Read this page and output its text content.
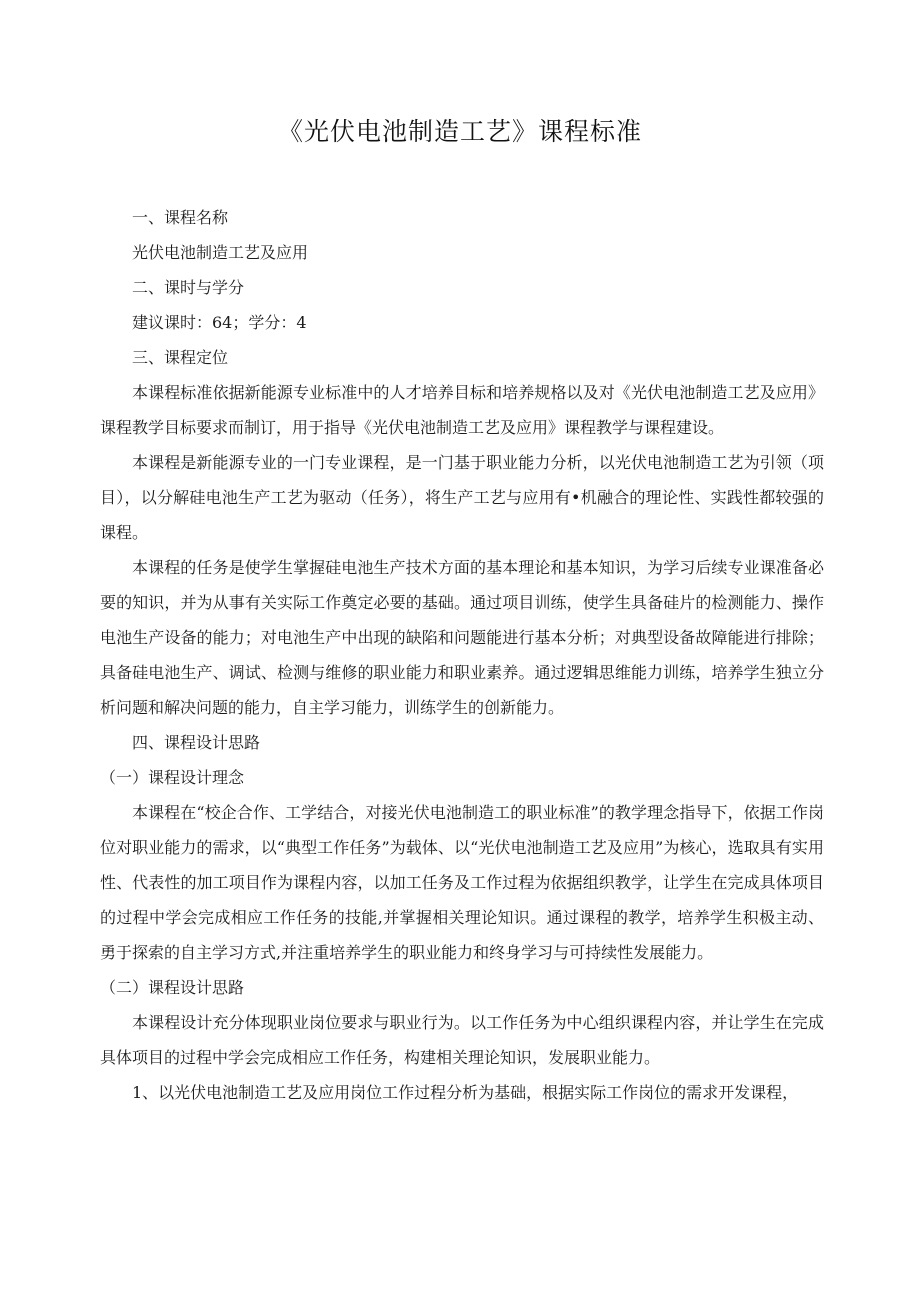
《光伏电池制造工艺》课程标准

一、课程名称

光伏电池制造工艺及应用

二、课时与学分

建议课时：64；学分：4

三、课程定位

本课程标准依据新能源专业标准中的人才培养目标和培养规格以及对《光伏电池制造工艺及应用》课程教学目标要求而制订，用于指导《光伏电池制造工艺及应用》课程教学与课程建设。

本课程是新能源专业的一门专业课程，是一门基于职业能力分析，以光伏电池制造工艺为引领（项目），以分解硅电池生产工艺为驱动（任务），将生产工艺与应用有•机融合的理论性、实践性都较强的课程。

本课程的任务是使学生掌握硅电池生产技术方面的基本理论和基本知识，为学习后续专业课准备必要的知识，并为从事有关实际工作奠定必要的基础。通过项目训练，使学生具备硅片的检测能力、操作电池生产设备的能力；对电池生产中出现的缺陷和问题能进行基本分析；对典型设备故障能进行排除；具备硅电池生产、调试、检测与维修的职业能力和职业素养。通过逻辑思维能力训练，培养学生独立分析问题和解决问题的能力，自主学习能力，训练学生的创新能力。

四、课程设计思路

（一）课程设计理念

本课程在“校企合作、工学结合，对接光伏电池制造工的职业标准”的教学理念指导下，依据工作岗位对职业能力的需求，以“典型工作任务”为载体、以“光伏电池制造工艺及应用”为核心，选取具有实用性、代表性的加工项目作为课程内容，以加工任务及工作过程为依据组织教学，让学生在完成具体项目的过程中学会完成相应工作任务的技能,并掌握相关理论知识。通过课程的教学，培养学生积极主动、勇于探索的自主学习方式,并注重培养学生的职业能力和终身学习与可持续性发展能力。

（二）课程设计思路

本课程设计充分体现职业岗位要求与职业行为。以工作任务为中心组织课程内容，并让学生在完成具体项目的过程中学会完成相应工作任务，构建相关理论知识，发展职业能力。

1、以光伏电池制造工艺及应用岗位工作过程分析为基础，根据实际工作岗位的需求开发课程，
